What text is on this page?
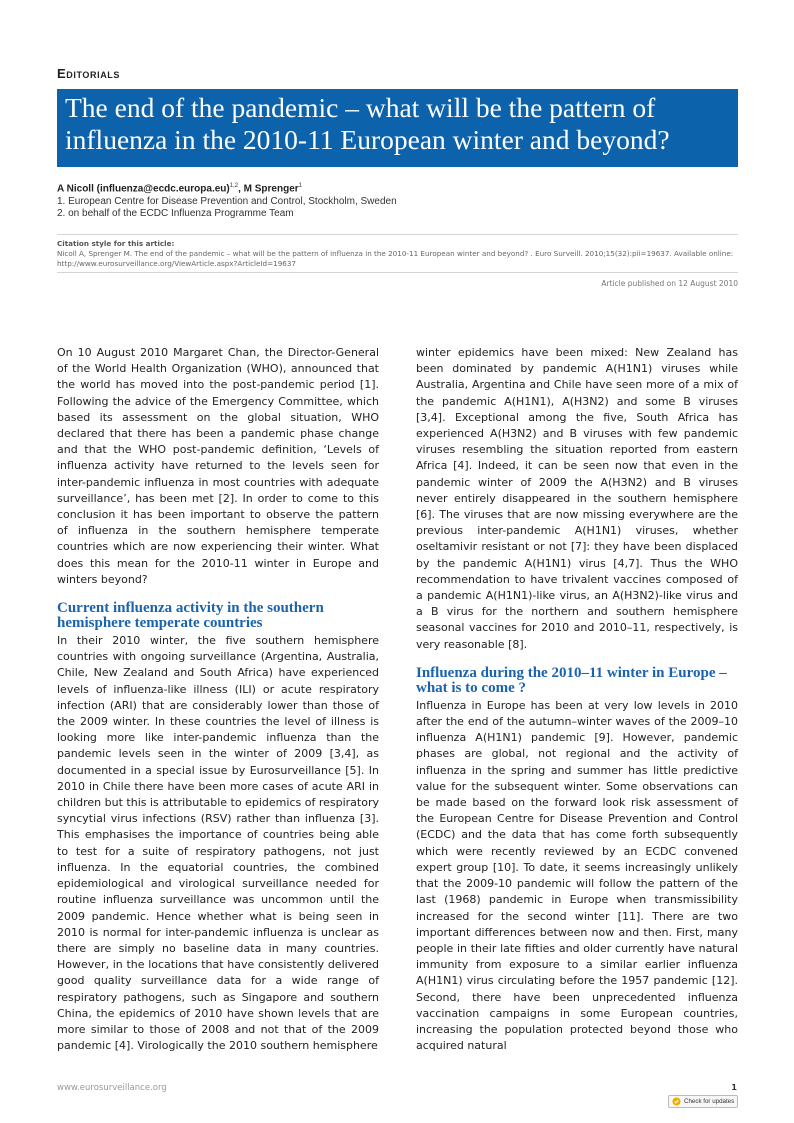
Editorials
The end of the pandemic – what will be the pattern of influenza in the 2010-11 European winter and beyond?
A Nicoll (influenza@ecdc.europa.eu)$^{1,2}$, M Sprenger$^1$
1. European Centre for Disease Prevention and Control, Stockholm, Sweden
2. on behalf of the ECDC Influenza Programme Team
Citation style for this article:
Nicoll A, Sprenger M. The end of the pandemic – what will be the pattern of influenza in the 2010-11 European winter and beyond? . Euro Surveill. 2010;15(32):pii=19637. Available online: http://www.eurosurveillance.org/ViewArticle.aspx?ArticleId=19637
Article published on 12 August 2010

On 10 August 2010 Margaret Chan, the Director-General of the World Health Organization (WHO), announced that the world has moved into the post-pandemic period [1]. Following the advice of the Emergency Committee, which based its assessment on the global situation, WHO declared that there has been a pandemic phase change and that the WHO post-pandemic definition, ‘Levels of influenza activity have returned to the levels seen for inter-pandemic influenza in most countries with adequate surveillance’, has been met [2]. In order to come to this conclusion it has been important to observe the pattern of influenza in the southern hemisphere temperate countries which are now experiencing their winter. What does this mean for the 2010-11 winter in Europe and winters beyond?

Current influenza activity in the southern hemisphere temperate countries

In their 2010 winter, the five southern hemisphere countries with ongoing surveillance (Argentina, Australia, Chile, New Zealand and South Africa) have experienced levels of influenza-like illness (ILI) or acute respiratory infection (ARI) that are considerably lower than those of the 2009 winter. In these countries the level of illness is looking more like inter-pandemic influenza than the pandemic levels seen in the winter of 2009 [3,4], as documented in a special issue by Eurosurveillance [5]. In 2010 in Chile there have been more cases of acute ARI in children but this is attributable to epidemics of respiratory syncytial virus infections (RSV) rather than influenza [3]. This emphasises the importance of countries being able to test for a suite of respiratory pathogens, not just influenza. In the equatorial countries, the combined epidemiological and virological surveillance needed for routine influenza surveillance was uncommon until the 2009 pandemic. Hence whether what is being seen in 2010 is normal for inter-pandemic influenza is unclear as there are simply no baseline data in many countries. However, in the locations that have consistently delivered good quality surveillance data for a wide range of respiratory pathogens, such as Singapore and southern China, the epidemics of 2010 have shown levels that are more similar to those of 2008 and not that of the 2009 pandemic [4]. Virologically the 2010 southern hemisphere

winter epidemics have been mixed: New Zealand has been dominated by pandemic A(H1N1) viruses while Australia, Argentina and Chile have seen more of a mix of the pandemic A(H1N1), A(H3N2) and some B viruses [3,4]. Exceptional among the five, South Africa has experienced A(H3N2) and B viruses with few pandemic viruses resembling the situation reported from eastern Africa [4]. Indeed, it can be seen now that even in the pandemic winter of 2009 the A(H3N2) and B viruses never entirely disappeared in the southern hemisphere [6]. The viruses that are now missing everywhere are the previous inter-pandemic A(H1N1) viruses, whether oseltamivir resistant or not [7]: they have been displaced by the pandemic A(H1N1) virus [4,7]. Thus the WHO recommendation to have trivalent vaccines composed of a pandemic A(H1N1)-like virus, an A(H3N2)-like virus and a B virus for the northern and southern hemisphere seasonal vaccines for 2010 and 2010–11, respectively, is very reasonable [8].

Influenza during the 2010–11 winter in Europe – what is to come ?

Influenza in Europe has been at very low levels in 2010 after the end of the autumn–winter waves of the 2009–10 influenza A(H1N1) pandemic [9]. However, pandemic phases are global, not regional and the activity of influenza in the spring and summer has little predictive value for the subsequent winter. Some observations can be made based on the forward look risk assessment of the European Centre for Disease Prevention and Control (ECDC) and the data that has come forth subsequently which were recently reviewed by an ECDC convened expert group [10]. To date, it seems increasingly unlikely that the 2009-10 pandemic will follow the pattern of the last (1968) pandemic in Europe when transmissibility increased for the second winter [11]. There are two important differences between now and then. First, many people in their late fifties and older currently have natural immunity from exposure to a similar earlier influenza A(H1N1) virus circulating before the 1957 pandemic [12]. Second, there have been unprecedented influenza vaccination campaigns in some European countries, increasing the population protected beyond those who acquired natural

www.eurosurveillance.org	1
Check for updates
